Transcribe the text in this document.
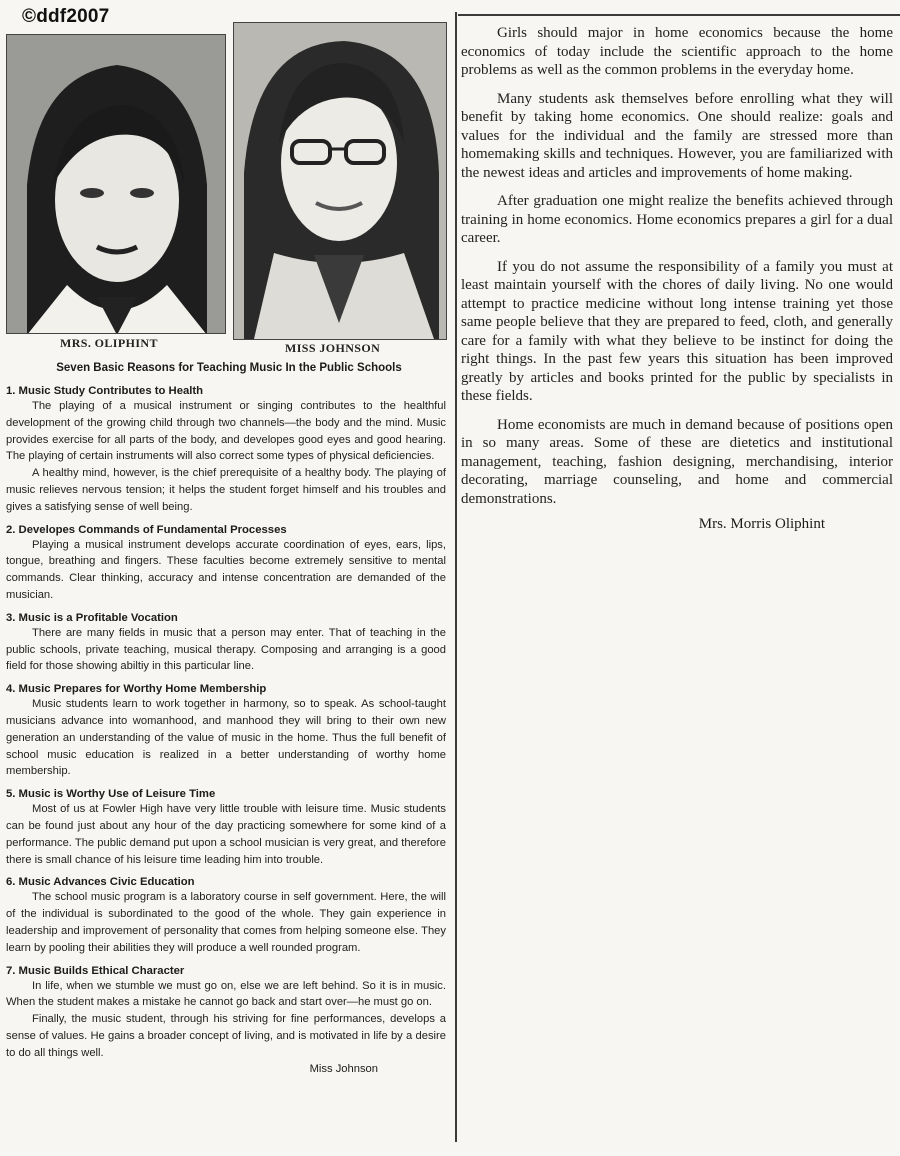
©ddf2007
MRS. OLIPHINT	MISS JOHNSON
Seven Basic Reasons for Teaching Music In the Public Schools
1. Music Study Contributes to Health

The playing of a musical instrument or singing contributes to the healthful development of the growing child through two channels—the body and the mind. Music provides exercise for all parts of the body, and developes good eyes and good hearing. The playing of certain instruments will also correct some types of physical deficiencies.

A healthy mind, however, is the chief prerequisite of a healthy body. The playing of music relieves nervous tension; it helps the student forget himself and his troubles and gives a satisfying sense of well being.

2. Developes Commands of Fundamental Processes

Playing a musical instrument develops accurate coordination of eyes, ears, lips, tongue, breathing and fingers. These faculties become extremely sensitive to mental commands. Clear thinking, accuracy and intense concentration are demanded of the musician.

3. Music is a Profitable Vocation

There are many fields in music that a person may enter. That of teaching in the public schools, private teaching, musical therapy. Composing and arranging is a good field for those showing abiltiy in this particular line.

4. Music Prepares for Worthy Home Membership

Music students learn to work together in harmony, so to speak. As school-taught musicians advance into womanhood, and manhood they will bring to their own new generation an understanding of the value of music in the home. Thus the full benefit of school music education is realized in a better understanding of worthy home membership.

5. Music is Worthy Use of Leisure Time

Most of us at Fowler High have very little trouble with leisure time. Music students can be found just about any hour of the day practicing somewhere for some kind of a performance. The public demand put upon a school musician is very great, and therefore there is small chance of his leisure time leading him into trouble.

6. Music Advances Civic Education

The school music program is a laboratory course in self government. Here, the will of the individual is subordinated to the good of the whole. They gain experience in leadership and improvement of personality that comes from helping someone else. They learn by pooling their abilities they will produce a well rounded program.

7. Music Builds Ethical Character

In life, when we stumble we must go on, else we are left behind. So it is in music. When the student makes a mistake he cannot go back and start over—he must go on.

Finally, the music student, through his striving for fine performances, develops a sense of values. He gains a broader concept of living, and is motivated in life by a desire to do all things well.

Miss Johnson

Girls should major in home economics because the home economics of today include the scientific approach to the home problems as well as the common problems in the everyday home.

Many students ask themselves before enrolling what they will benefit by taking home economics. One should realize: goals and values for the individual and the family are stressed more than homemaking skills and techniques. However, you are familiarized with the newest ideas and articles and improvements of home making.

After graduation one might realize the benefits achieved through training in home economics. Home economics prepares a girl for a dual career.

If you do not assume the responsibility of a family you must at least maintain yourself with the chores of daily living. No one would attempt to practice medicine without long intense training yet those same people believe that they are prepared to feed, cloth, and generally care for a family with what they believe to be instinct for doing the right things. In the past few years this situation has been improved greatly by articles and books printed for the public by specialists in these fields.

Home economists are much in demand because of positions open in so many areas. Some of these are dietetics and institutional management, teaching, fashion designing, merchandising, interior decorating, marriage counseling, and home and commercial demonstrations.

Mrs. Morris Oliphint
